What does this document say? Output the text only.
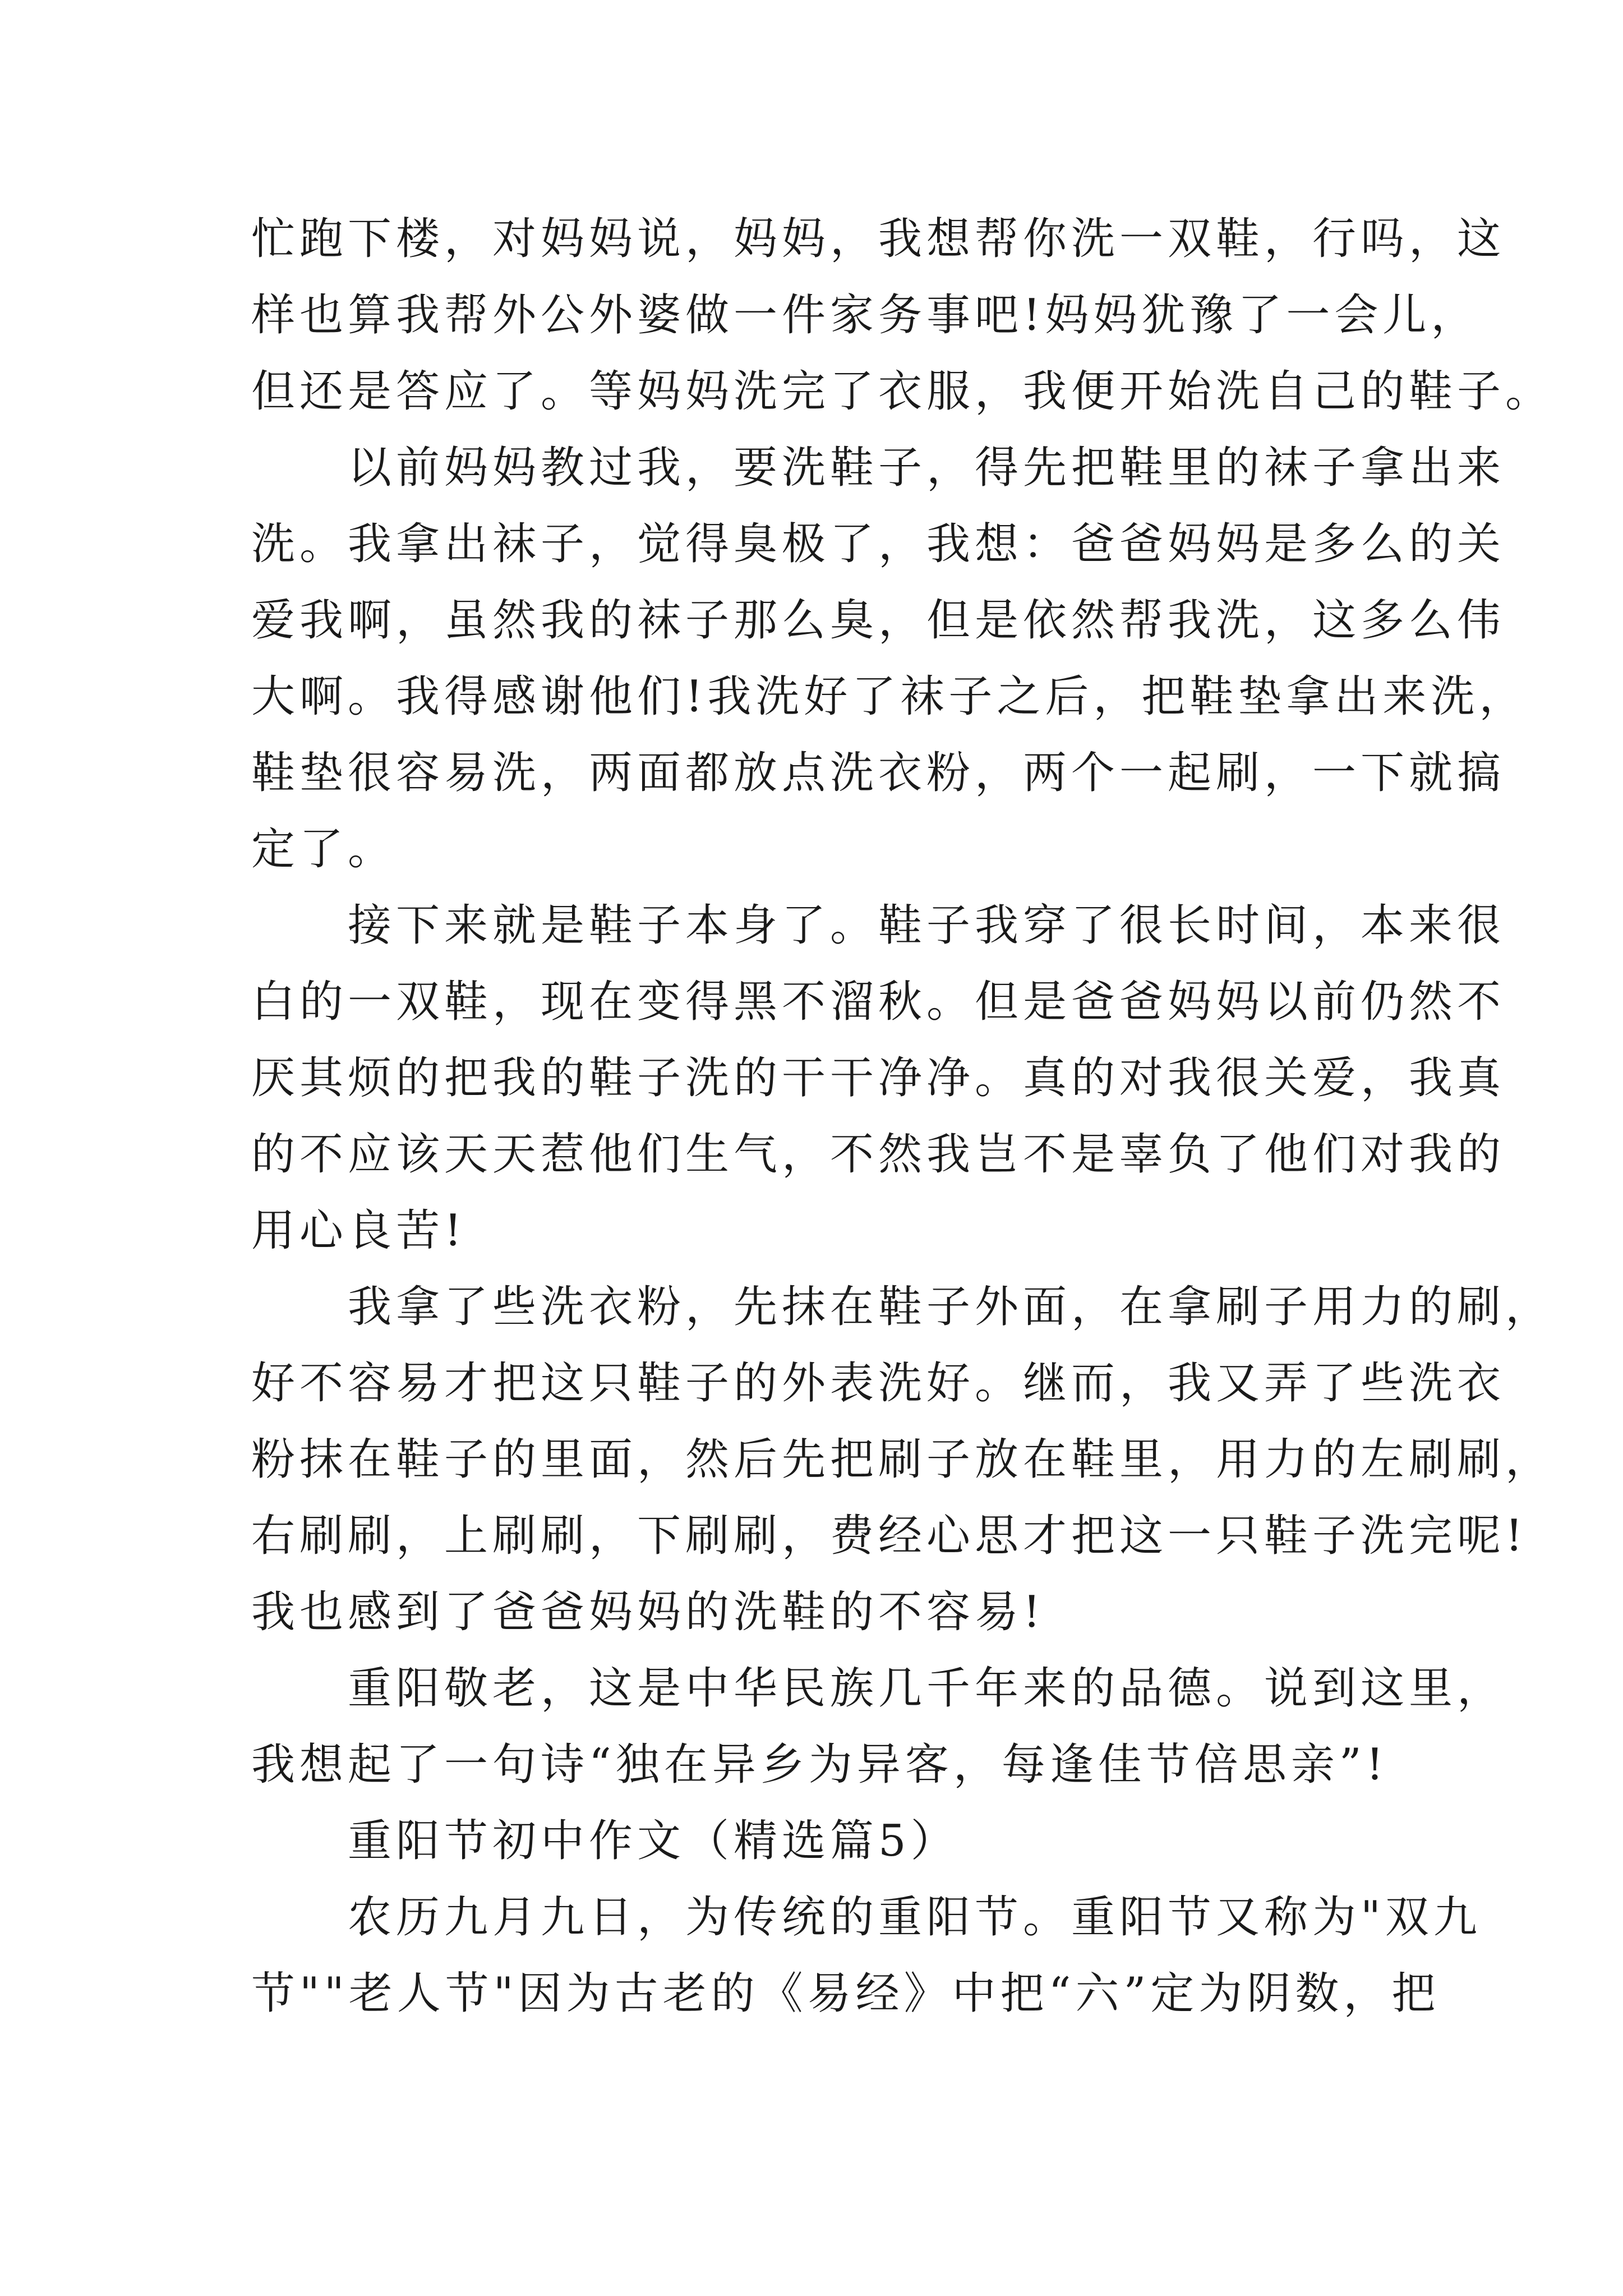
忙跑下楼，对妈妈说，妈妈，我想帮你洗一双鞋，行吗，这
样也算我帮外公外婆做一件家务事吧!妈妈犹豫了一会儿，
但还是答应了。等妈妈洗完了衣服，我便开始洗自己的鞋子。
　　以前妈妈教过我，要洗鞋子，得先把鞋里的袜子拿出来
洗。我拿出袜子，觉得臭极了，我想：爸爸妈妈是多么的关
爱我啊，虽然我的袜子那么臭，但是依然帮我洗，这多么伟
大啊。我得感谢他们!我洗好了袜子之后，把鞋垫拿出来洗，
鞋垫很容易洗，两面都放点洗衣粉，两个一起刷，一下就搞
定了。
　　接下来就是鞋子本身了。鞋子我穿了很长时间，本来很
白的一双鞋，现在变得黑不溜秋。但是爸爸妈妈以前仍然不
厌其烦的把我的鞋子洗的干干净净。真的对我很关爱，我真
的不应该天天惹他们生气，不然我岂不是辜负了他们对我的
用心良苦!
　　我拿了些洗衣粉，先抹在鞋子外面，在拿刷子用力的刷，
好不容易才把这只鞋子的外表洗好。继而，我又弄了些洗衣
粉抹在鞋子的里面，然后先把刷子放在鞋里，用力的左刷刷，
右刷刷，上刷刷，下刷刷，费经心思才把这一只鞋子洗完呢!
我也感到了爸爸妈妈的洗鞋的不容易!
　　重阳敬老，这是中华民族几千年来的品德。说到这里，
我想起了一句诗“独在异乡为异客，每逢佳节倍思亲”!
　　重阳节初中作文（精选篇5）
　　农历九月九日，为传统的重阳节。重阳节又称为"双九
节""老人节"因为古老的《易经》中把“六”定为阴数，把
